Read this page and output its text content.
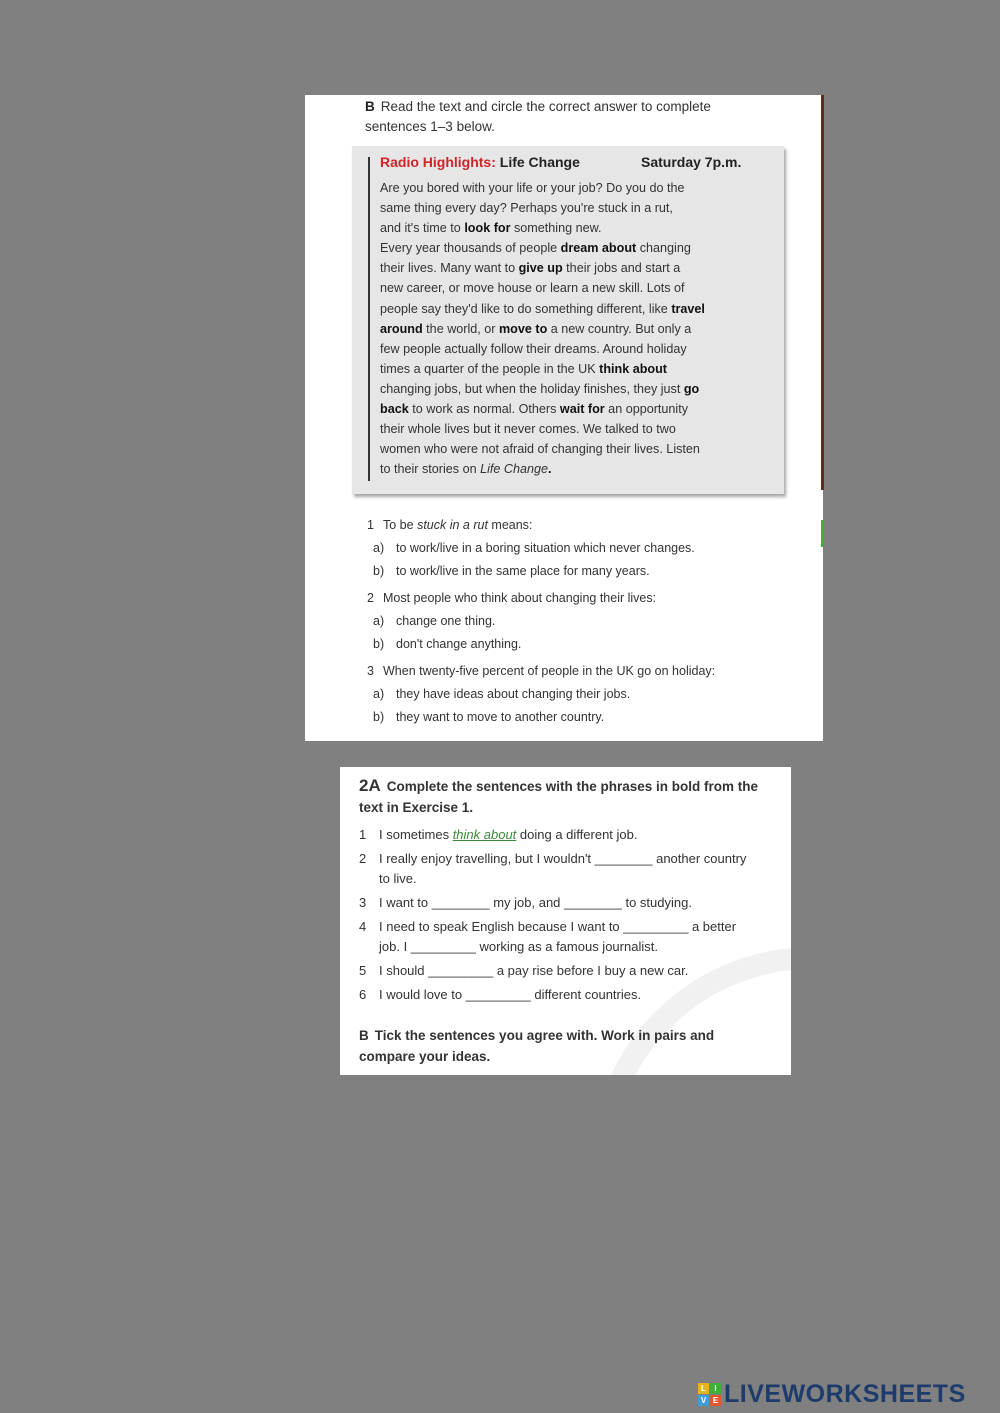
B Read the text and circle the correct answer to complete
sentences 1–3 below.
Radio Highlights: Life Change	Saturday 7p.m.
Are you bored with your life or your job? Do you do the
same thing every day? Perhaps you're stuck in a rut,
and it's time to look for something new.
Every year thousands of people dream about changing
their lives. Many want to give up their jobs and start a
new career, or move house or learn a new skill. Lots of
people say they'd like to do something different, like travel
around the world, or move to a new country. But only a
few people actually follow their dreams. Around holiday
times a quarter of the people in the UK think about
changing jobs, but when the holiday finishes, they just go
back to work as normal. Others wait for an opportunity
their whole lives but it never comes. We talked to two
women who were not afraid of changing their lives. Listen
to their stories on Life Change.
1 To be stuck in a rut means:
a) to work/live in a boring situation which never changes.
b) to work/live in the same place for many years.
2 Most people who think about changing their lives:
a) change one thing.
b) don't change anything.
3 When twenty-five percent of people in the UK go on holiday:
a) they have ideas about changing their jobs.
b) they want to move to another country.
2A Complete the sentences with the phrases in bold from the
text in Exercise 1.
1 I sometimes think about doing a different job.
2 I really enjoy travelling, but I wouldn't ________ another country
to live.
3 I want to ________ my job, and ________ to studying.
4 I need to speak English because I want to _________ a better
job. I _________ working as a famous journalist.
5 I should _________ a pay rise before I buy a new car.
6 I would love to _________ different countries.
B Tick the sentences you agree with. Work in pairs and
compare your ideas.
L	I
V E LIVEWORKSHEETS
